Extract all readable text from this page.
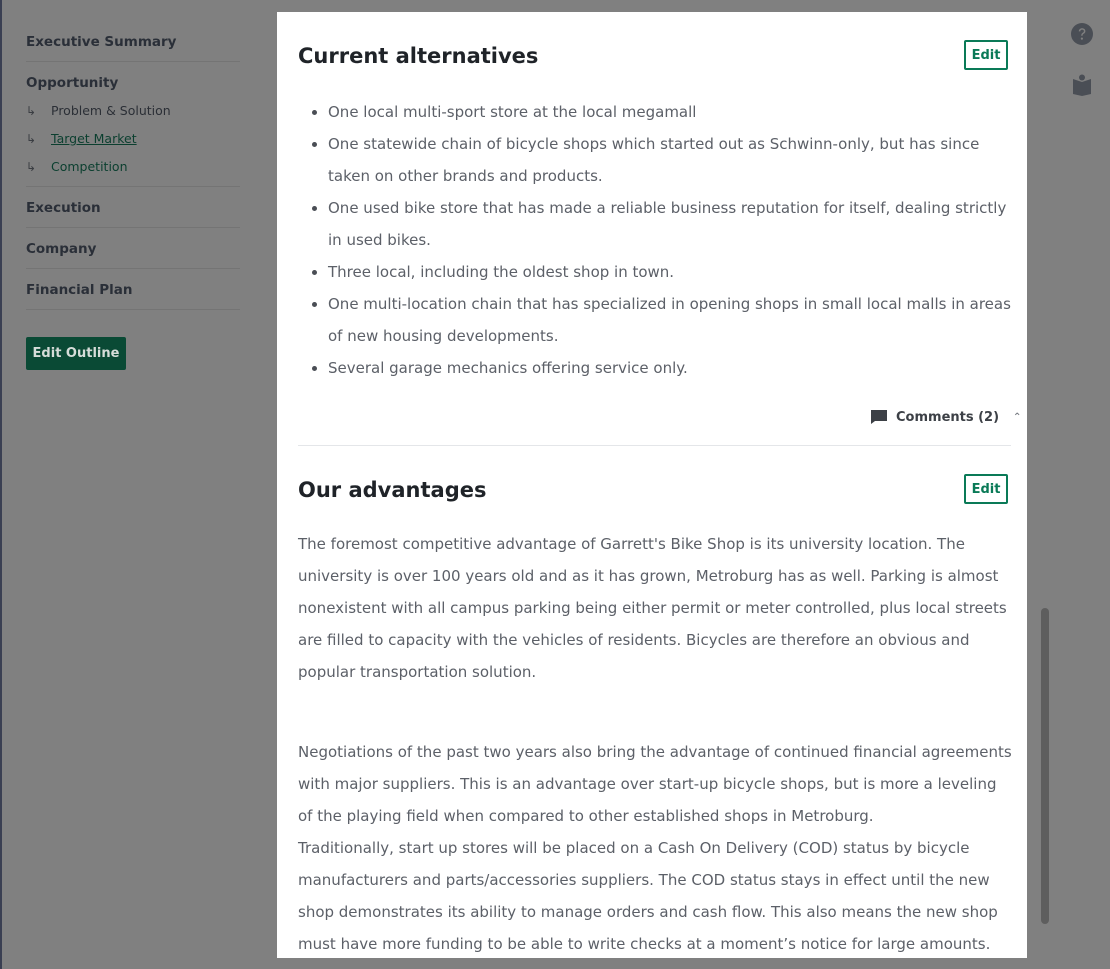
Executive Summary
Opportunity
↳ Problem & Solution
↳ Target Market
↳ Competition
Execution
Company
Financial Plan
Edit Outline
Current alternatives	Edit
One local multi-sport store at the local megamall
One statewide chain of bicycle shops which started out as Schwinn-only, but has since taken on other brands and products.
One used bike store that has made a reliable business reputation for itself, dealing strictly in used bikes.
Three local, including the oldest shop in town.
One multi-location chain that has specialized in opening shops in small local malls in areas of new housing developments.
Several garage mechanics offering service only.
Comments (2) ⌃
Our advantages	Edit

The foremost competitive advantage of Garrett's Bike Shop is its university location. The university is over 100 years old and as it has grown, Metroburg has as well. Parking is almost nonexistent with all campus parking being either permit or meter controlled, plus local streets are filled to capacity with the vehicles of residents. Bicycles are therefore an obvious and popular transportation solution.

Negotiations of the past two years also bring the advantage of continued financial agreements with major suppliers. This is an advantage over start-up bicycle shops, but is more a leveling of the playing field when compared to other established shops in Metroburg.

Traditionally, start up stores will be placed on a Cash On Delivery (COD) status by bicycle manufacturers and parts/accessories suppliers. The COD status stays in effect until the new shop demonstrates its ability to manage orders and cash flow. This also means the new shop must have more funding to be able to write checks at a moment’s notice for large amounts.
